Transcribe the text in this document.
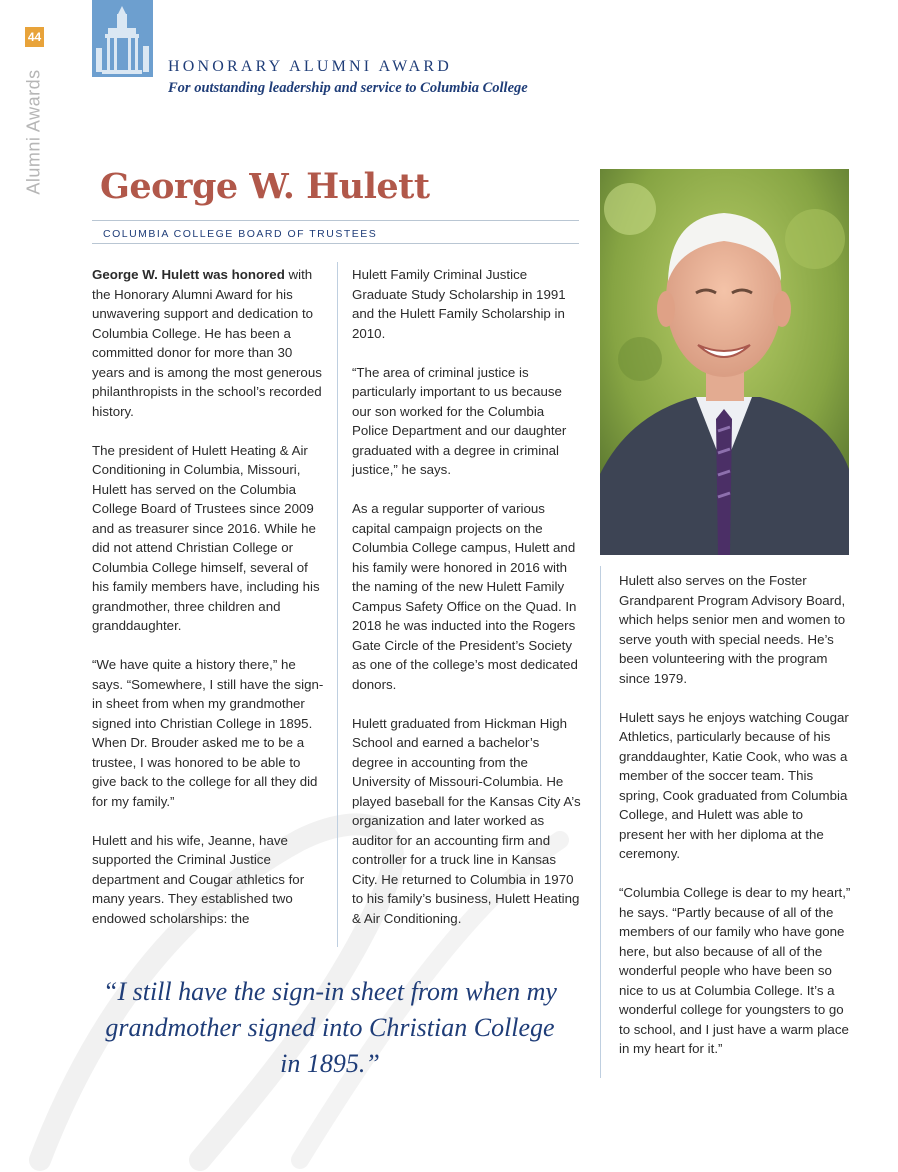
44
Alumni Awards
HONORARY ALUMNI AWARD
For outstanding leadership and service to Columbia College
George W. Hulett
COLUMBIA COLLEGE BOARD OF TRUSTEES

George W. Hulett was honored with the Honorary Alumni Award for his unwavering support and dedication to Columbia College. He has been a committed donor for more than 30 years and is among the most generous philanthropists in the school’s recorded history.

The president of Hulett Heating & Air Conditioning in Columbia, Missouri, Hulett has served on the Columbia College Board of Trustees since 2009 and as treasurer since 2016. While he did not attend Christian College or Columbia College himself, several of his family members have, including his grandmother, three children and granddaughter.

“We have quite a history there,” he says. “Somewhere, I still have the sign-in sheet from when my grandmother signed into Christian College in 1895. When Dr. Brouder asked me to be a trustee, I was honored to be able to give back to the college for all they did for my family.”

Hulett and his wife, Jeanne, have supported the Criminal Justice department and Cougar athletics for many years. They established two endowed scholarships: the

Hulett Family Criminal Justice Graduate Study Scholarship in 1991 and the Hulett Family Scholarship in 2010.

“The area of criminal justice is particularly important to us because our son worked for the Columbia Police Department and our daughter graduated with a degree in criminal justice,” he says.

As a regular supporter of various capital campaign projects on the Columbia College campus, Hulett and his family were honored in 2016 with the naming of the new Hulett Family Campus Safety Office on the Quad. In 2018 he was inducted into the Rogers Gate Circle of the President’s Society as one of the college’s most dedicated donors.

Hulett graduated from Hickman High School and earned a bachelor’s degree in accounting from the University of Missouri-Columbia. He played baseball for the Kansas City A’s organization and later worked as auditor for an accounting firm and controller for a truck line in Kansas City. He returned to Columbia in 1970 to his family’s business, Hulett Heating & Air Conditioning.

Hulett also serves on the Foster Grandparent Program Advisory Board, which helps senior men and women to serve youth with special needs. He’s been volunteering with the program since 1979.

Hulett says he enjoys watching Cougar Athletics, particularly because of his granddaughter, Katie Cook, who was a member of the soccer team. This spring, Cook graduated from Columbia College, and Hulett was able to present her with her diploma at the ceremony.

“Columbia College is dear to my heart,” he says. “Partly because of all of the members of our family who have gone here, but also because of all of the wonderful people who have been so nice to us at Columbia College. It’s a wonderful college for youngsters to go to school, and I just have a warm place in my heart for it.”

“I still have the sign-in sheet from when my grandmother signed into Christian College in 1895.”
